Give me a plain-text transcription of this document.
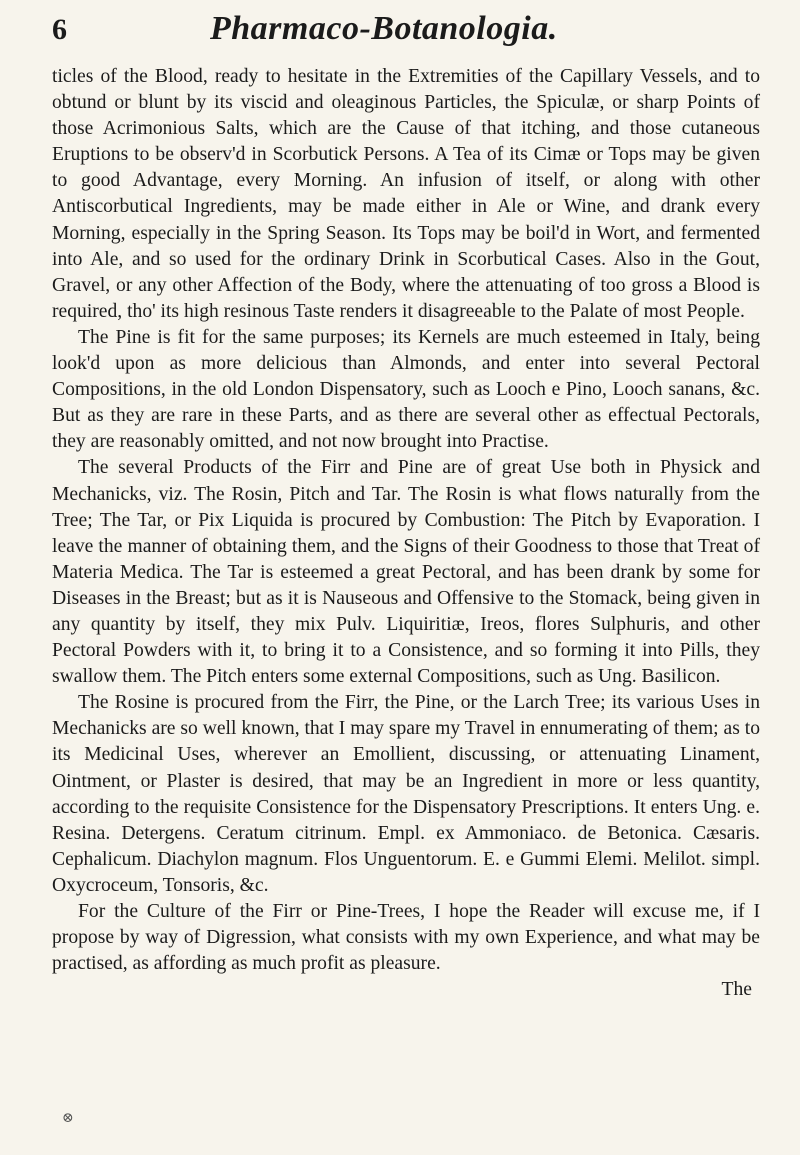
6	Pharmaco-Botanologia.

ticles of the Blood, ready to hesitate in the Extremities of the Capillary Vessels, and to obtund or blunt by its viscid and oleaginous Particles, the Spiculæ, or sharp Points of those Acrimonious Salts, which are the Cause of that itching, and those cutaneous Eruptions to be observ'd in Scorbutick Persons. A Tea of its Cimæ or Tops may be given to good Advantage, every Morning. An infusion of itself, or along with other Antiscorbutical Ingredients, may be made either in Ale or Wine, and drank every Morning, especially in the Spring Season. Its Tops may be boil'd in Wort, and fermented into Ale, and so used for the ordinary Drink in Scorbutical Cases. Also in the Gout, Gravel, or any other Affection of the Body, where the attenuating of too gross a Blood is required, tho' its high resinous Taste renders it disagreeable to the Palate of most People.

The Pine is fit for the same purposes; its Kernels are much esteemed in Italy, being look'd upon as more delicious than Almonds, and enter into several Pectoral Compositions, in the old London Dispensatory, such as Looch e Pino, Looch sanans, &c. But as they are rare in these Parts, and as there are several other as effectual Pectorals, they are reasonably omitted, and not now brought into Practise.

The several Products of the Firr and Pine are of great Use both in Physick and Mechanicks, viz. The Rosin, Pitch and Tar. The Rosin is what flows naturally from the Tree; The Tar, or Pix Liquida is procured by Combustion: The Pitch by Evaporation. I leave the manner of obtaining them, and the Signs of their Goodness to those that Treat of Materia Medica. The Tar is esteemed a great Pectoral, and has been drank by some for Diseases in the Breast; but as it is Nauseous and Offensive to the Stomack, being given in any quantity by itself, they mix Pulv. Liquiritiæ, Ireos, flores Sulphuris, and other Pectoral Powders with it, to bring it to a Consistence, and so forming it into Pills, they swallow them. The Pitch enters some external Compositions, such as Ung. Basilicon.

The Rosine is procured from the Firr, the Pine, or the Larch Tree; its various Uses in Mechanicks are so well known, that I may spare my Travel in ennumerating of them; as to its Medicinal Uses, wherever an Emollient, discussing, or attenuating Linament, Ointment, or Plaster is desired, that may be an Ingredient in more or less quantity, according to the requisite Consistence for the Dispensatory Prescriptions. It enters Ung. e. Resina. Detergens. Ceratum citrinum. Empl. ex Ammoniaco. de Betonica. Cæsaris. Cephalicum. Diachylon magnum. Flos Unguentorum. E. e Gummi Elemi. Melilot. simpl. Oxycroceum, Tonsoris, &c.

For the Culture of the Firr or Pine-Trees, I hope the Reader will excuse me, if I propose by way of Digression, what consists with my own Experience, and what may be practised, as affording as much profit as pleasure.

The
⊗
